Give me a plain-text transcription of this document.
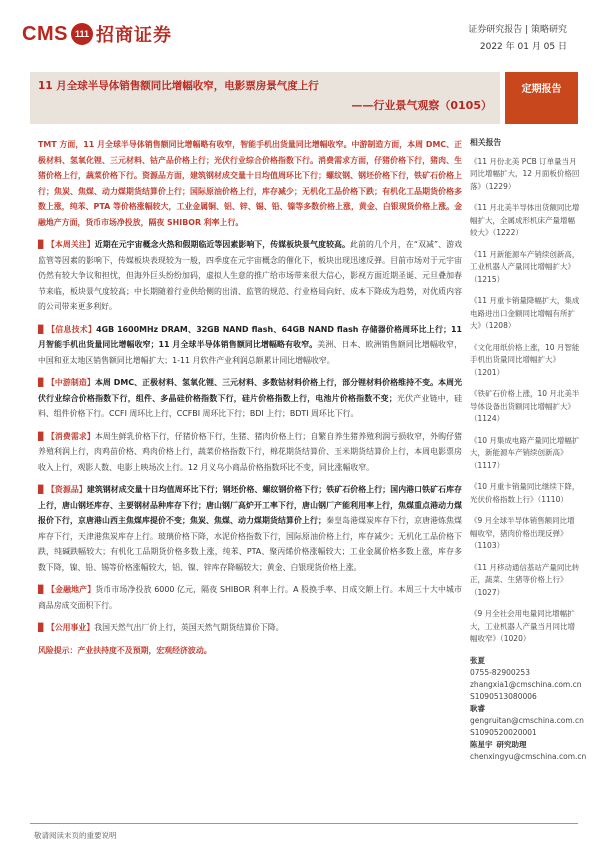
CMS 111 招商证券	证券研究报告 | 策略研究
2022 年 01 月 05 日
11 月全球半导体销售额同比增幅收窄，电影票房景气度上行
——行业景气观察（0105）
定期报告

TMT 方面，11 月全球半导体销售额同比增幅略有收窄，智能手机出货量同比增幅收窄。中游制造方面，本周 DMC、正极材料、氢氧化锂、三元材料、钴产品价格上行；光伏行业综合价格指数下行。消费需求方面，仔猪价格下行，猪肉、生猪价格上行，蔬菜价格下行。资源品方面，建筑钢材成交量十日均值周环比下行；螺纹钢、钢坯价格下行，铁矿石价格上行；焦炭、焦煤、动力煤期货结算价上行；国际原油价格上行，库存减少；无机化工品价格下跌；有机化工品期货价格多数上涨，纯苯、PTA 等价格涨幅较大，工业金属铜、铝、锌、锡、铅、镍等多数价格上涨，黄金、白银现货价格上涨。金融地产方面，货币市场净投放，隔夜 SHIBOR 利率上行。

▉ 【本周关注】近期在元宇宙概念火热和假期临近等因素影响下，传媒板块景气度较高。此前的几个月，在“双减”、游戏监管等因素的影响下，传媒板块表现较为一般，四季度在元宇宙概念的催化下，板块出现迅速反弹。目前市场对于元宇宙仍然有较大争议和担忧，但海外巨头纷纷加码，虚拟人生意的推广给市场带来很大信心，影视方面近期圣诞、元旦叠加春节来临，板块景气度较高；中长期随着行业供给侧的出清、监管的规范、行业格局向好、成本下降成为趋势，对优质内容的公司带来更多利好。

▉ 【信息技术】4GB 1600MHz DRAM、32GB NAND flash、64GB NAND flash 存储器价格周环比上行；11 月智能手机出货量同比增幅收窄；11 月全球半导体销售额同比增幅略有收窄。美洲、日本、欧洲销售额同比增幅收窄，中国和亚太地区销售额同比增幅扩大；1-11 月软件产业利润总额累计同比增幅收窄。

▉ 【中游制造】本周 DMC、正极材料、氢氧化锂、三元材料、多数钴材料价格上行，部分锂材料价格维持不变。本周光伏行业综合价格指数下行，组件、多晶硅价格指数下行，硅片价格指数上行，电池片价格指数不变；光伏产业链中，硅料、组件价格下行。CCFI 周环比上行，CCFBI 周环比下行；BDI 上行；BDTI 周环比下行。

▉ 【消费需求】本周生鲜乳价格下行，仔猪价格下行，生猪、猪肉价格上行；自繁自养生猪养殖利润亏损收窄，外购仔猪养殖利润上行，肉鸡苗价格、鸡肉价格上行，蔬菜价格指数下行，棉花期货结算价、玉米期货结算价上行，本周电影票房收入上行，观影人数、电影上映场次上行。12 月义乌小商品价格指数环比不变，同比涨幅收窄。

▉ 【资源品】建筑钢材成交量十日均值周环比下行；钢坯价格、螺纹钢价格下行；铁矿石价格上行；国内港口铁矿石库存上行，唐山钢坯库存、主要钢材品种库存下行；唐山钢厂高炉开工率下行，唐山钢厂产能利用率上行，焦煤重点港动力煤报价下行，京唐港山西主焦煤库提价不变；焦炭、焦煤、动力煤期货结算价上行；秦皇岛港煤炭库存下行，京唐港炼焦煤库存下行，天津港焦炭库存上行。玻璃价格下降，水泥价格指数下行，国际原油价格上行，库存减少；无机化工品价格下跌，纯碱跌幅较大；有机化工品期货价格多数上涨，纯苯、PTA、聚丙烯价格涨幅较大；工业金属价格多数上涨，库存多数下降，镍、铅、锡等价格涨幅较大，铝、镍、锌库存降幅较大；黄金、白银现货价格上涨。

▉ 【金融地产】货币市场净投放 6000 亿元，隔夜 SHIBOR 利率上行。A 股换手率、日成交额上行。本周三十大中城市商品房成交面积下行。

▉ 【公用事业】我国天然气出厂价上行，英国天然气期货结算价下降。

风险提示：产业扶持度不及预期，宏观经济波动。

相关报告
《11 月份北美 PCB 订单量当月同比增幅扩大，12 月面板价格回落》（1229）
《11 月北美半导体出货额同比增幅扩大，全属成形机床产量增幅较大》（1222）
《11 月新能源车产销续创新高，工业机器人产量同比增幅扩大》（1215）
《11 月重卡销量降幅扩大，集成电路进出口金额同比增幅有所扩大》（1208）
《文化用纸价格上涨，10 月智能手机出货量同比增幅扩大》（1201）
《铁矿石价格上涨，10 月北美半导体设备出货额同比增幅扩大》（1124）
《10 月集成电路产量同比增幅扩大，新能源车产销续创新高》（1117）
《10 月重卡销量同比继续下降，光伏价格指数上行》（1110）
《9 月全球半导体销售额同比增幅收窄，猪肉价格出现反弹》（1103）
《11 月移动通信基站产量同比转正，蔬菜、生猪等价格上行》（1027）
《9 月全社会用电量同比增幅扩大，工业机器人产量当月同比增幅收窄》（1020）
张夏
0755-82900253
zhangxia1@cmschina.com.cn
S1090513080006
耿睿
gengruitan@cmschina.com.cn
S1090520020001
陈星宇 研究助理
chenxingyu@cmschina.com.cn
敬请阅读末页的重要说明
